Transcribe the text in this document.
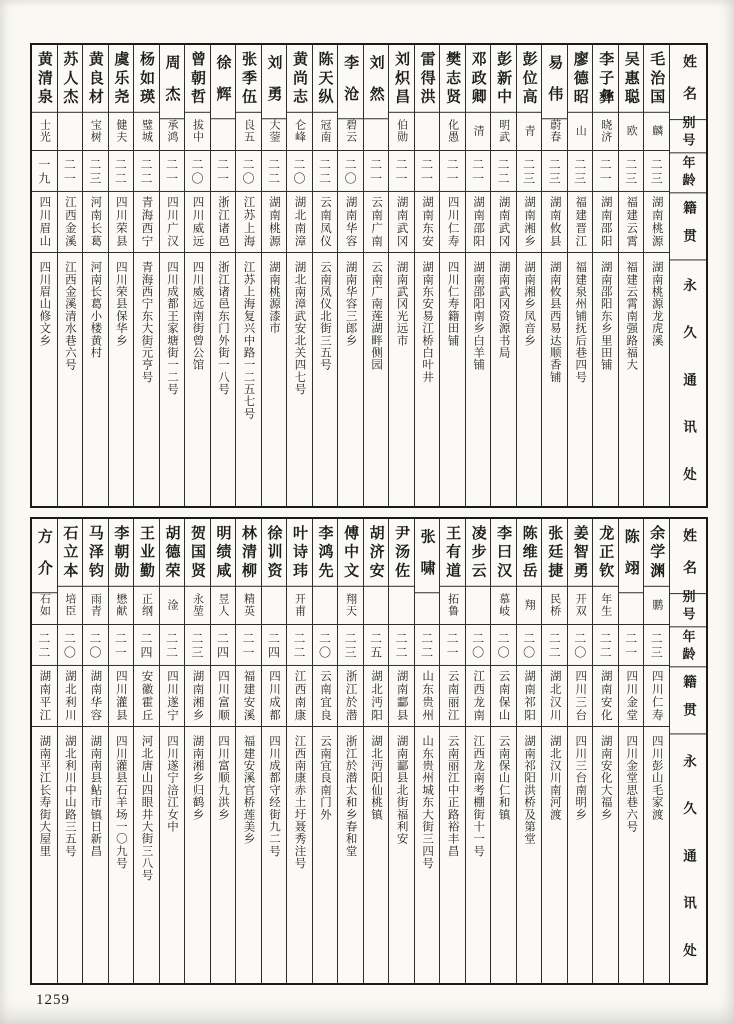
姓名
别号
年龄
籍贯
永久通讯处
毛治国
麟
二三
湖南桃源
湖南桃源龙虎溪
吴惠聪
欧
二三
福建云霄
福建云霄南强路福大
李子彝
晓济
二一
湖南邵阳
湖南邵阳东乡里田铺
廖德昭
山
二三
福建晋江
福建泉州铺抚后巷四号
易伟
蔚春
二三
湖南攸县
湖南攸县西易达顺香铺
彭位高
青
二三
湖南湘乡
湖南湘乡凤音乡
彭新中
明武
二二
湖南武冈
湖南武冈资源书局
邓政卿
清
二一
湖南邵阳
湖南邵阳南乡白羊铺
樊志贤
化愚
二一
四川仁寿
四川仁寿籍田铺
雷得洪
二一
湖南东安
湖南东安易江桥白叶井
刘炽昌
伯勋
二一
湖南武冈
湖南武冈光远市
刘然
二一
云南广南
云南广南莲湖畔侧园
李沧
碧云
二〇
湖南华容
湖南华容三郎乡
陈天纵
冠南
二二
云南凤仪
云南凤仪北街三五号
黄尚志
仑峰
二〇
湖北南漳
湖北南漳武安北关四七号
刘勇
大蓥
二二
湖南桃源
湖南桃源漆市
张季伍
良五
二〇
江苏上海
江苏上海复兴中路一二五七号
徐辉
二一
浙江诸邑
浙江诸邑东门外街一八号
曾朝哲
拔中
二〇
四川威远
四川威远南街曾公馆
周杰
承鸿
二一
四川广汉
四川成都王家塘街一二号
杨如瑛
璧城
二二
青海西宁
青海西宁东大街元亨号
虞乐尧
健夫
二二
四川荣县
四川荣县保华乡
黄良材
宝树
二三
河南长葛
河南长葛小楼黄村
苏人杰
二一
江西金溪
江西金溪清水巷六号
黄清泉
士光
一九
四川眉山
四川眉山修文乡
姓名
别号
年龄
籍贯
永久通讯处
余学渊
鹏
二三
四川仁寿
四川彭山毛家渡
陈翊
二一
四川金堂
四川金堂思巷六号
龙正钦
年生
二二
湖南安化
湖南安化大福乡
姜智勇
开双
二〇
四川三台
四川三台南明乡
张廷捷
民桥
二二
湖北汉川
湖北汉川南河渡
陈维岳
翔
二〇
湖南祁阳
湖南祁阳洪桥及第堂
李曰汉
慕岐
二〇
云南保山
云南保山仁和镇
凌步云
二〇
江西龙南
江西龙南考棚街十一号
王有道
拓鲁
二一
云南丽江
云南丽江中正路裕丰昌
张啸
二二
山东贵州
山东贵州城东大街三四号
尹汤佐
二二
湖南酃县
湖南酃县北街福利安
胡济安
二五
湖北沔阳
湖北沔阳仙桃镇
傅中文
翔天
二三
浙江於潜
浙江於潜太和乡春和堂
李鸿先
二〇
云南宜良
云南宜良南门外
叶诗玮
开甫
二二
江西南康
江西南康赤土圩聂秀注号
徐训资
二四
四川成都
四川成都守经街九二号
林清柳
精英
二一
福建安溪
福建安溪官桥莲美乡
明绩咸
昱人
二四
四川富顺
四川富顺九洪乡
贺国贤
永堃
二三
湖南湘乡
湖南湘乡归鹤乡
胡德荣
淦
二二
四川遂宁
四川遂宁涪江女中
王业勤
正纲
二四
安徽霍丘
河北唐山四眼井大街三八号
李朝勋
懋献
二一
四川灌县
四川灌县石羊场一〇九号
马泽钧
雨青
二〇
湖南华容
湖南南县鲇市镇日新昌
石立本
培臣
二〇
湖北利川
湖北利川中山路三五号
方介
石如
二二
湖南平江
湖南平江长寿街大屋里
1259
